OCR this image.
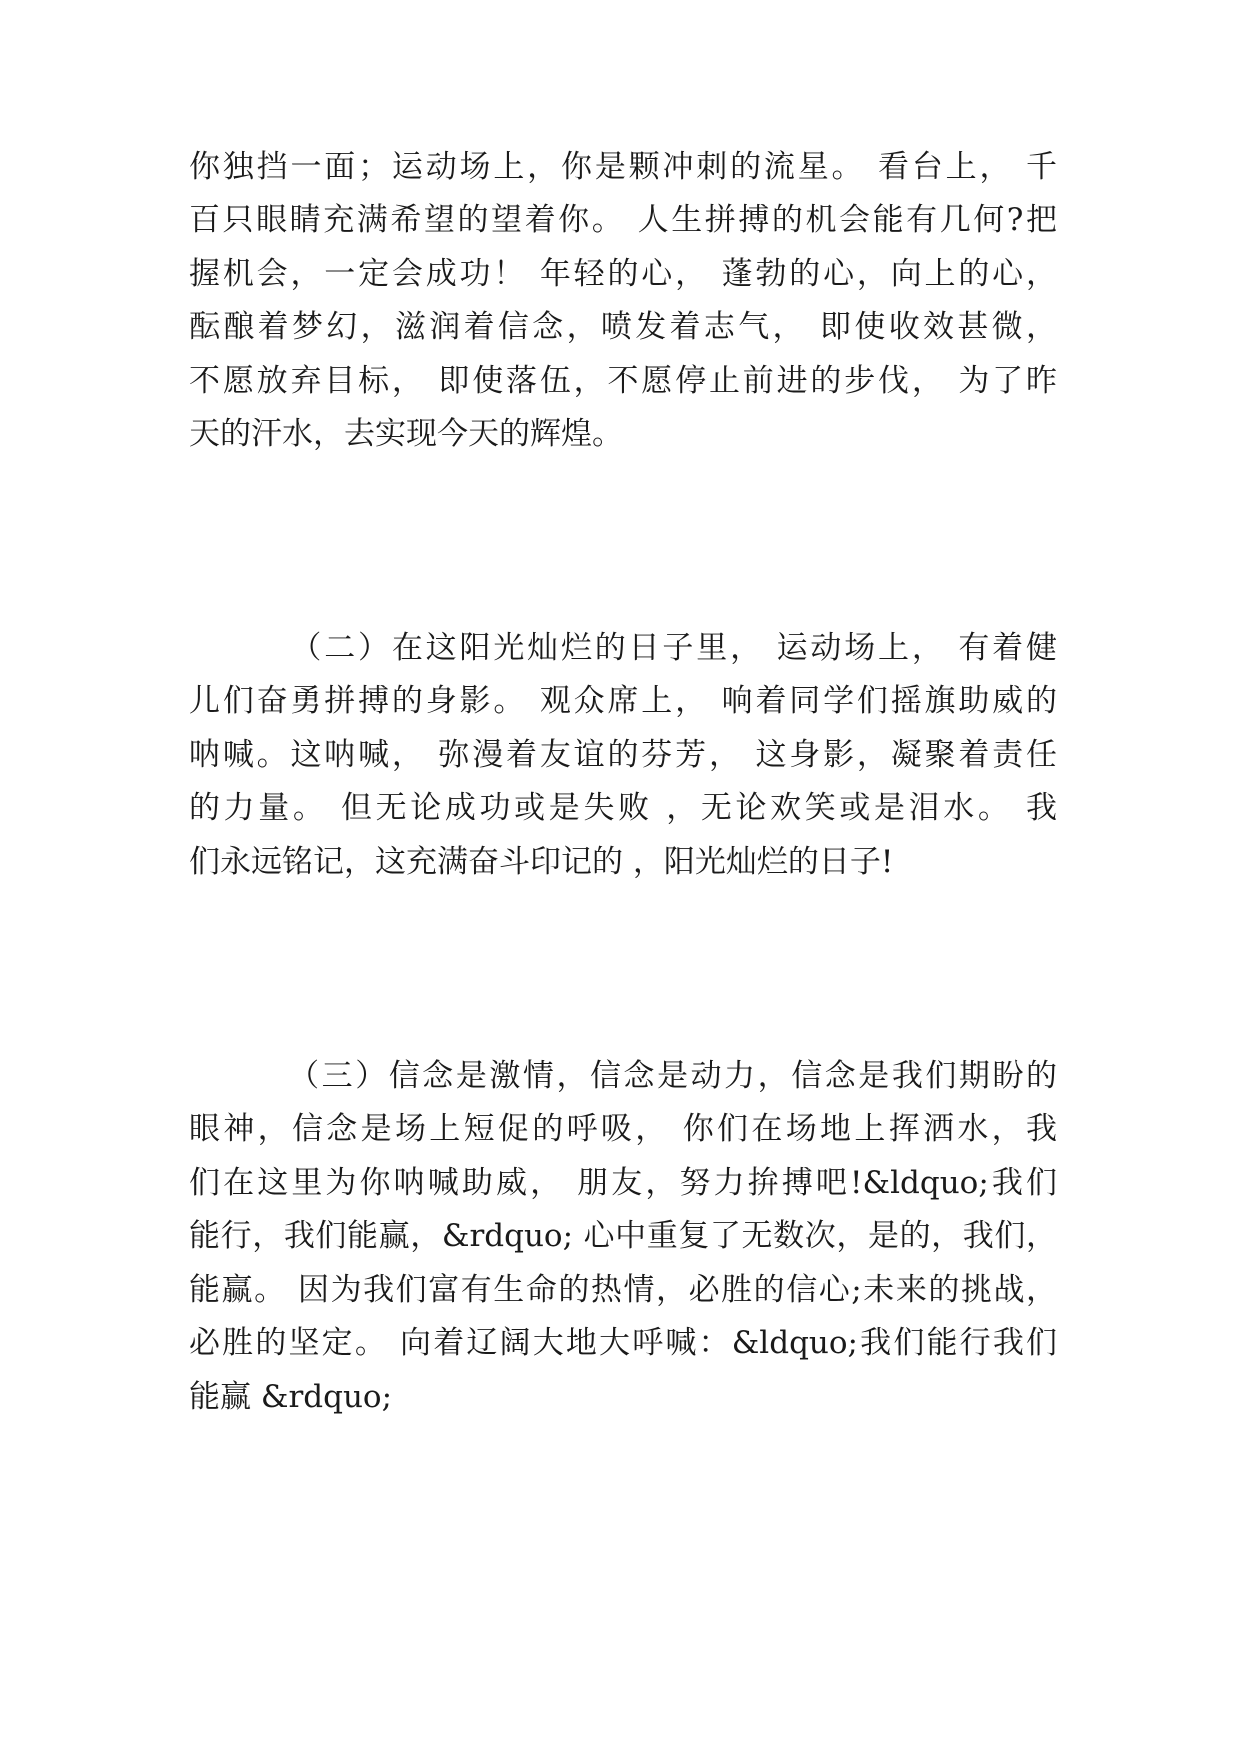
你独挡一面；运动场上，你是颗冲刺的流星。 看台上， 千
百只眼睛充满希望的望着你。 人生拼搏的机会能有几何?把
握机会，一定会成功！ 年轻的心， 蓬勃的心，向上的心，
酝酿着梦幻，滋润着信念，喷发着志气， 即使收效甚微，
不愿放弃目标， 即使落伍，不愿停止前进的步伐， 为了昨
天的汗水，去实现今天的辉煌。
（二）在这阳光灿烂的日子里， 运动场上， 有着健
儿们奋勇拼搏的身影。 观众席上， 响着同学们摇旗助威的
呐喊。这呐喊， 弥漫着友谊的芬芳， 这身影，凝聚着责任
的力量。 但无论成功或是失败 ，无论欢笑或是泪水。 我
们永远铭记，这充满奋斗印记的 ，阳光灿烂的日子!
（三）信念是激情，信念是动力，信念是我们期盼的
眼神，信念是场上短促的呼吸， 你们在场地上挥洒水，我
们在这里为你呐喊助威， 朋友，努力拚搏吧!&ldquo;我们
能行，我们能赢，&rdquo; 心中重复了无数次，是的，我们，
能赢。 因为我们富有生命的热情，必胜的信心;未来的挑战，
必胜的坚定。 向着辽阔大地大呼喊：&ldquo;我们能行我们
能赢 &rdquo;
